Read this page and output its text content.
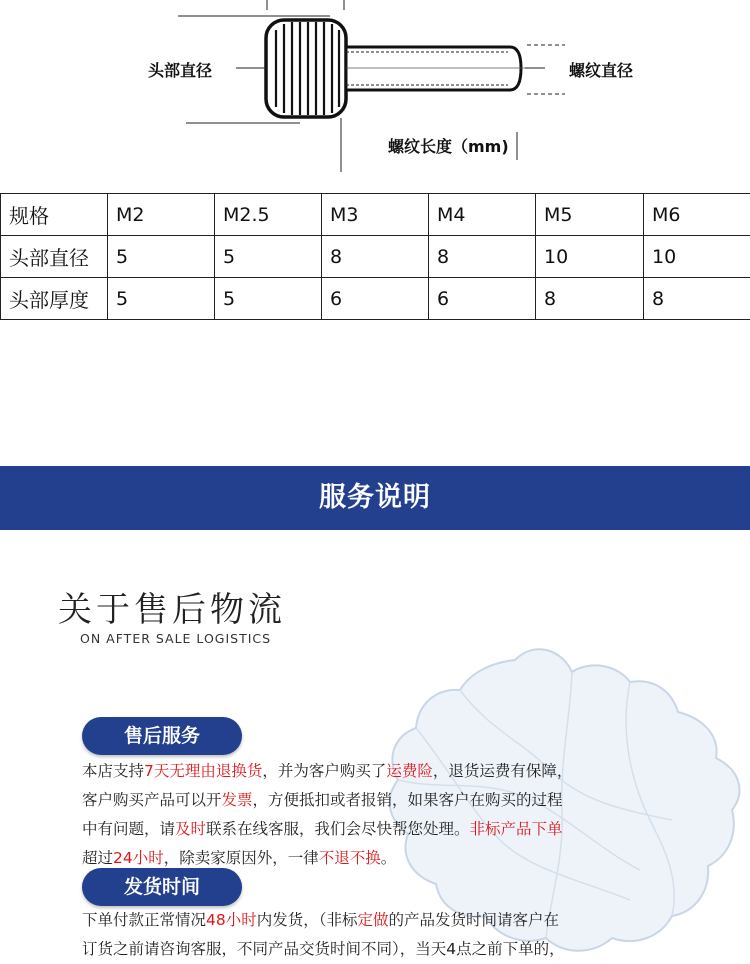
头部直径	螺纹直径
螺纹长度（mm)
规格	M2	M2.5	M3	M4	M5	M6
头部直径	5	5	8	8	10	10
头部厚度	5	5	6	6	8	8
服务说明
关于售后物流
ON AFTER SALE LOGISTICS
售后服务
本店支持7天无理由退换货，并为客户购买了运费险，退货运费有保障，
客户购买产品可以开发票，方便抵扣或者报销，如果客户在购买的过程
中有问题，请及时联系在线客服，我们会尽快帮您处理。非标产品下单
超过24小时，除卖家原因外，一律不退不换。
发货时间
下单付款正常情况48小时内发货，（非标定做的产品发货时间请客户在
订货之前请咨询客服，不同产品交货时间不同），当天4点之前下单的，
